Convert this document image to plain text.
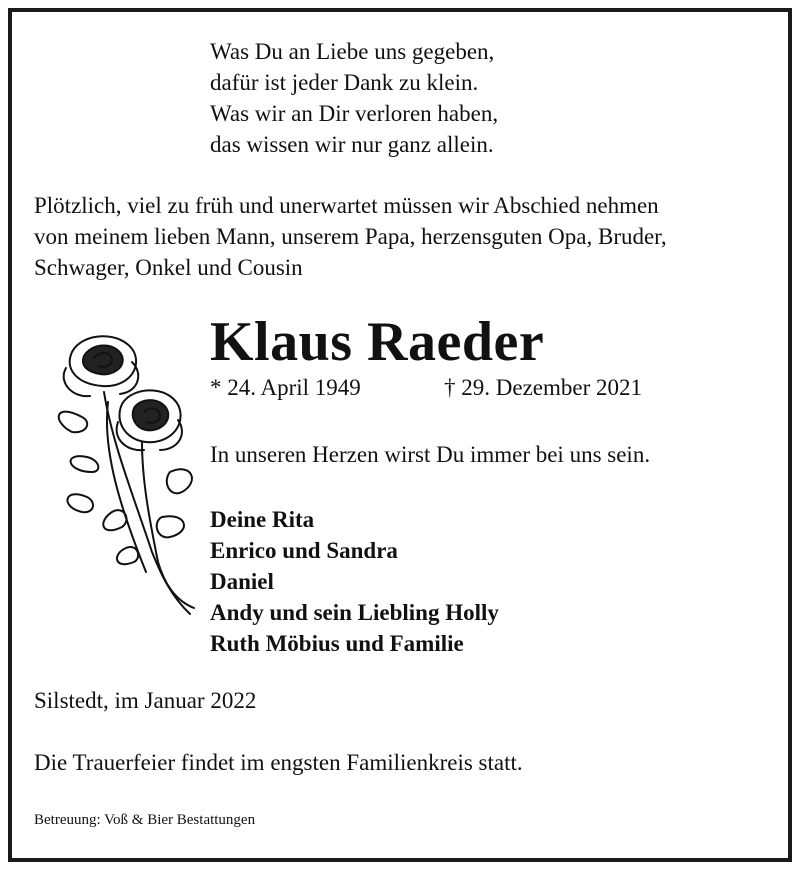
Was Du an Liebe uns gegeben,
dafür ist jeder Dank zu klein.
Was wir an Dir verloren haben,
das wissen wir nur ganz allein.
Plötzlich, viel zu früh und unerwartet müssen wir Abschied nehmen
von meinem lieben Mann, unserem Papa, herzensguten Opa, Bruder,
Schwager, Onkel und Cousin
Klaus Raeder
* 24. April 1949	† 29. Dezember 2021
In unseren Herzen wirst Du immer bei uns sein.
Deine Rita
Enrico und Sandra
Daniel
Andy und sein Liebling Holly
Ruth Möbius und Familie
Silstedt, im Januar 2022
Die Trauerfeier findet im engsten Familienkreis statt.
Betreuung: Voß & Bier Bestattungen
